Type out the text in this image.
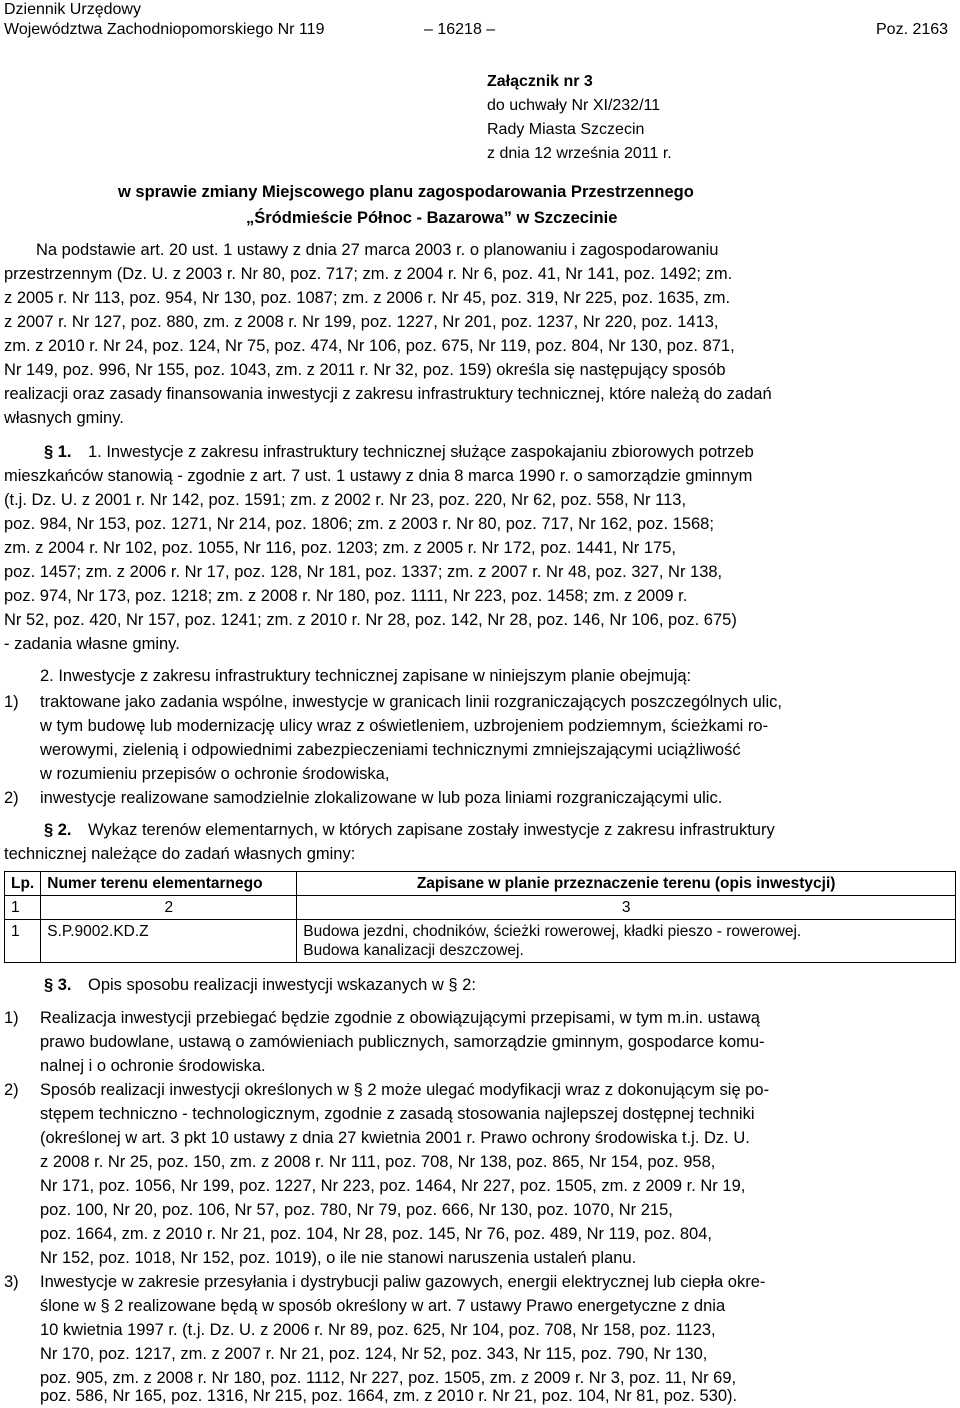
Dziennik Urzędowy
Województwa Zachodniopomorskiego Nr 119	– 16218 –	Poz. 2163
Załącznik nr 3
do uchwały Nr XI/232/11
Rady Miasta Szczecin
z dnia 12 września 2011 r.
w sprawie zmiany Miejscowego planu zagospodarowania Przestrzennego
„Śródmieście Północ - Bazarowa” w Szczecinie
Na podstawie art. 20 ust. 1 ustawy z dnia 27 marca 2003 r. o planowaniu i zagospodarowaniu
przestrzennym (Dz. U. z 2003 r. Nr 80, poz. 717; zm. z 2004 r. Nr 6, poz. 41, Nr 141, poz. 1492; zm.
z 2005 r. Nr 113, poz. 954, Nr 130, poz. 1087; zm. z 2006 r. Nr 45, poz. 319, Nr 225, poz. 1635, zm.
z 2007 r. Nr 127, poz. 880, zm. z 2008 r. Nr 199, poz. 1227, Nr 201, poz. 1237, Nr 220, poz. 1413,
zm. z 2010 r. Nr 24, poz. 124, Nr 75, poz. 474, Nr 106, poz. 675, Nr 119, poz. 804, Nr 130, poz. 871,
Nr 149, poz. 996, Nr 155, poz. 1043, zm. z 2011 r. Nr 32, poz. 159) określa się następujący sposób
realizacji oraz zasady finansowania inwestycji z zakresu infrastruktury technicznej, które należą do zadań
własnych gminy.
§ 1. 1. Inwestycje z zakresu infrastruktury technicznej służące zaspokajaniu zbiorowych potrzeb
mieszkańców stanowią - zgodnie z art. 7 ust. 1 ustawy z dnia 8 marca 1990 r. o samorządzie gminnym
(t.j. Dz. U. z 2001 r. Nr 142, poz. 1591; zm. z 2002 r. Nr 23, poz. 220, Nr 62, poz. 558, Nr 113,
poz. 984, Nr 153, poz. 1271, Nr 214, poz. 1806; zm. z 2003 r. Nr 80, poz. 717, Nr 162, poz. 1568;
zm. z 2004 r. Nr 102, poz. 1055, Nr 116, poz. 1203; zm. z 2005 r. Nr 172, poz. 1441, Nr 175,
poz. 1457; zm. z 2006 r. Nr 17, poz. 128, Nr 181, poz. 1337; zm. z 2007 r. Nr 48, poz. 327, Nr 138,
poz. 974, Nr 173, poz. 1218; zm. z 2008 r. Nr 180, poz. 1111, Nr 223, poz. 1458; zm. z 2009 r.
Nr 52, poz. 420, Nr 157, poz. 1241; zm. z 2010 r. Nr 28, poz. 142, Nr 28, poz. 146, Nr 106, poz. 675)
- zadania własne gminy.
2. Inwestycje z zakresu infrastruktury technicznej zapisane w niniejszym planie obejmują:
1) traktowane jako zadania wspólne, inwestycje w granicach linii rozgraniczających poszczególnych ulic,
w tym budowę lub modernizację ulicy wraz z oświetleniem, uzbrojeniem podziemnym, ścieżkami ro-
werowymi, zielenią i odpowiednimi zabezpieczeniami technicznymi zmniejszającymi uciążliwość
w rozumieniu przepisów o ochronie środowiska,
2) inwestycje realizowane samodzielnie zlokalizowane w lub poza liniami rozgraniczającymi ulic.
§ 2. Wykaz terenów elementarnych, w których zapisane zostały inwestycje z zakresu infrastruktury
technicznej należące do zadań własnych gminy:
Lp.	Numer terenu elementarnego	Zapisane w planie przeznaczenie terenu (opis inwestycji)
1	2	3
1	S.P.9002.KD.Z	Budowa jezdni, chodników, ścieżki rowerowej, kładki pieszo - rowerowej.
Budowa kanalizacji deszczowej.
§ 3. Opis sposobu realizacji inwestycji wskazanych w § 2:
1) Realizacja inwestycji przebiegać będzie zgodnie z obowiązującymi przepisami, w tym m.in. ustawą
prawo budowlane, ustawą o zamówieniach publicznych, samorządzie gminnym, gospodarce komu-
nalnej i o ochronie środowiska.
2) Sposób realizacji inwestycji określonych w § 2 może ulegać modyfikacji wraz z dokonującym się po-
stępem techniczno - technologicznym, zgodnie z zasadą stosowania najlepszej dostępnej techniki
(określonej w art. 3 pkt 10 ustawy z dnia 27 kwietnia 2001 r. Prawo ochrony środowiska t.j. Dz. U.
z 2008 r. Nr 25, poz. 150, zm. z 2008 r. Nr 111, poz. 708, Nr 138, poz. 865, Nr 154, poz. 958,
Nr 171, poz. 1056, Nr 199, poz. 1227, Nr 223, poz. 1464, Nr 227, poz. 1505, zm. z 2009 r. Nr 19,
poz. 100, Nr 20, poz. 106, Nr 57, poz. 780, Nr 79, poz. 666, Nr 130, poz. 1070, Nr 215,
poz. 1664, zm. z 2010 r. Nr 21, poz. 104, Nr 28, poz. 145, Nr 76, poz. 489, Nr 119, poz. 804,
Nr 152, poz. 1018, Nr 152, poz. 1019), o ile nie stanowi naruszenia ustaleń planu.
3) Inwestycje w zakresie przesyłania i dystrybucji paliw gazowych, energii elektrycznej lub ciepła okre-
ślone w § 2 realizowane będą w sposób określony w art. 7 ustawy Prawo energetyczne z dnia
10 kwietnia 1997 r. (t.j. Dz. U. z 2006 r. Nr 89, poz. 625, Nr 104, poz. 708, Nr 158, poz. 1123,
Nr 170, poz. 1217, zm. z 2007 r. Nr 21, poz. 124, Nr 52, poz. 343, Nr 115, poz. 790, Nr 130,
poz. 905, zm. z 2008 r. Nr 180, poz. 1112, Nr 227, poz. 1505, zm. z 2009 r. Nr 3, poz. 11, Nr 69,
poz. 586, Nr 165, poz. 1316, Nr 215, poz. 1664, zm. z 2010 r. Nr 21, poz. 104, Nr 81, poz. 530).
